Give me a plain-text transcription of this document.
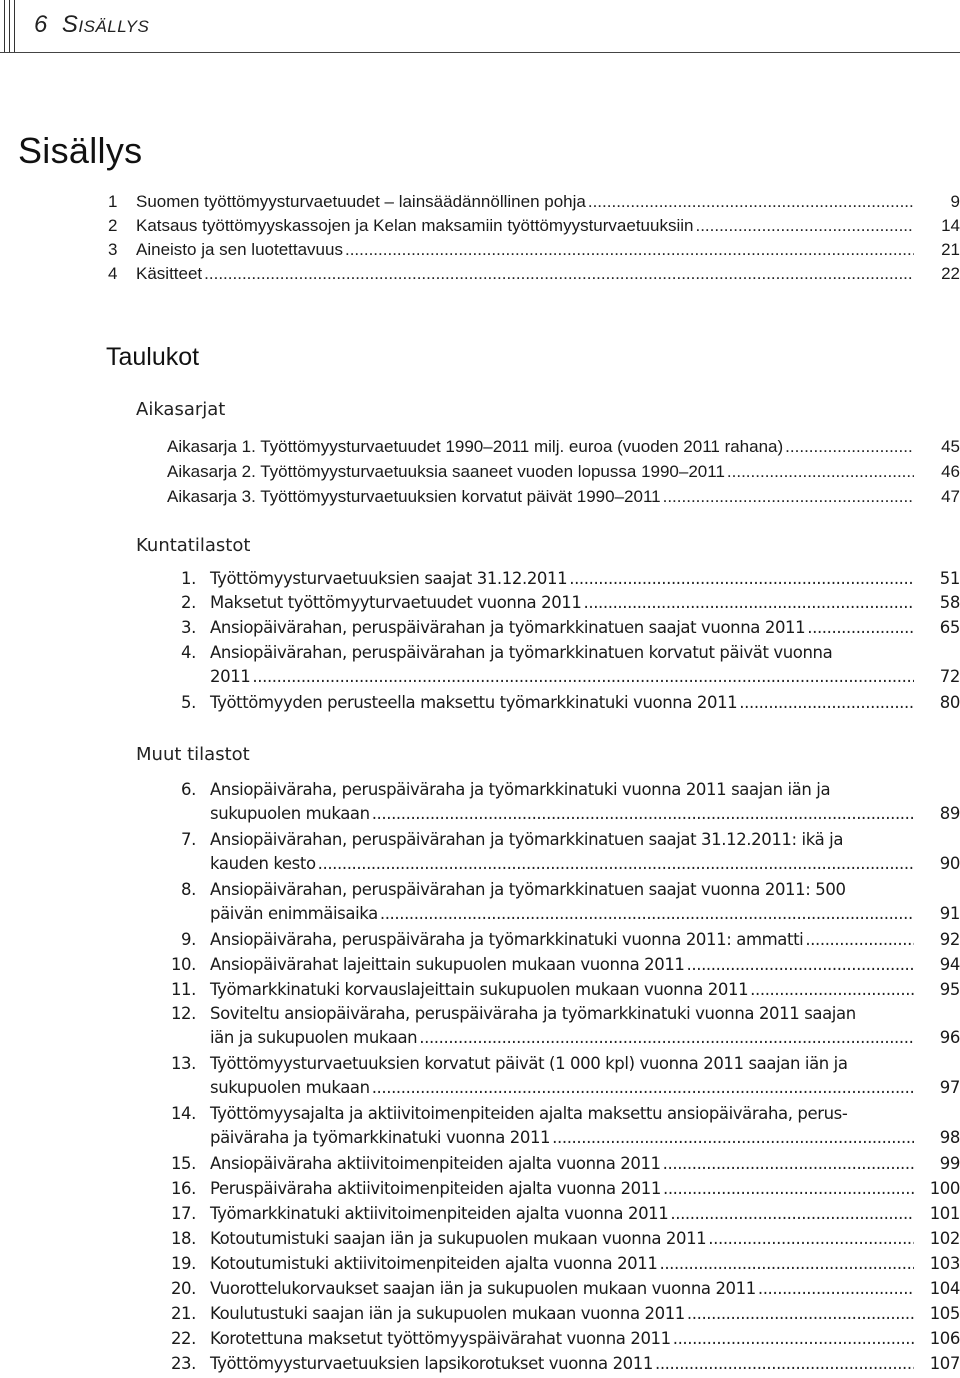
6 Sisällys
Sisällys
1 Suomen työttömyysturvaetuudet – lainsäädännöllinen pohja	9
.....
2 Katsaus työttömyyskassojen ja Kelan maksamiin työttömyysturvaetuuksiin	14
.....
3 Aineisto ja sen luotettavuus	21
.....
4 Käsitteet	22
.....
Taulukot
Aikasarjat
Aikasarja 1. Työttömyysturvaetuudet 1990–2011 milj. euroa (vuoden 2011 rahana)	45
.....
Aikasarja 2. Työttömyysturvaetuuksia saaneet vuoden lopussa 1990–2011	46
.....
Aikasarja 3. Työttömyysturvaetuuksien korvatut päivät 1990–2011	47
.....
Kuntatilastot
1. Työttömyysturvaetuuksien saajat 31.12.2011	51
.....
2. Maksetut työttömyyturvaetuudet vuonna 2011	58
.....
3. Ansiopäivärahan, peruspäivärahan ja työmarkkinatuen saajat vuonna 2011	65
.....
4. Ansiopäivärahan, peruspäivärahan ja työmarkkinatuen korvatut päivät vuonna
2011	72
.....
5. Työttömyyden perusteella maksettu työmarkkinatuki vuonna 2011	80
.....
Muut tilastot
6. Ansiopäiväraha, peruspäiväraha ja työmarkkinatuki vuonna 2011 saajan iän ja
sukupuolen mukaan	89
.....
7. Ansiopäivärahan, peruspäivärahan ja työmarkkinatuen saajat 31.12.2011: ikä ja
kauden kesto	90
.....
8. Ansiopäivärahan, peruspäivärahan ja työmarkkinatuen saajat vuonna 2011: 500
päivän enimmäisaika	91
.....
9. Ansiopäiväraha, peruspäiväraha ja työmarkkinatuki vuonna 2011: ammatti	92
.....
10. Ansiopäivärahat lajeittain sukupuolen mukaan vuonna 2011	94
.....
11. Työmarkkinatuki korvauslajeittain sukupuolen mukaan vuonna 2011	95
.....
12. Soviteltu ansiopäiväraha, peruspäiväraha ja työmarkkinatuki vuonna 2011 saajan
iän ja sukupuolen mukaan	96
.....
13. Työttömyysturvaetuuksien korvatut päivät (1 000 kpl) vuonna 2011 saajan iän ja
sukupuolen mukaan	97
.....
14. Työttömyysajalta ja aktiivitoimenpiteiden ajalta maksettu ansiopäiväraha, perus-
päiväraha ja työmarkkinatuki vuonna 2011	98
.....
15. Ansiopäiväraha aktiivitoimenpiteiden ajalta vuonna 2011	99
.....
16. Peruspäiväraha aktiivitoimenpiteiden ajalta vuonna 2011	100
.....
17. Työmarkkinatuki aktiivitoimenpiteiden ajalta vuonna 2011	101
.....
18. Kotoutumistuki saajan iän ja sukupuolen mukaan vuonna 2011	102
.....
19. Kotoutumistuki aktiivitoimenpiteiden ajalta vuonna 2011	103
.....
20. Vuorottelukorvaukset saajan iän ja sukupuolen mukaan vuonna 2011	104
.....
21. Koulutustuki saajan iän ja sukupuolen mukaan vuonna 2011	105
.....
22. Korotettuna maksetut työttömyyspäivärahat vuonna 2011	106
.....
23. Työttömyysturvaetuuksien lapsikorotukset vuonna 2011	107
.....
